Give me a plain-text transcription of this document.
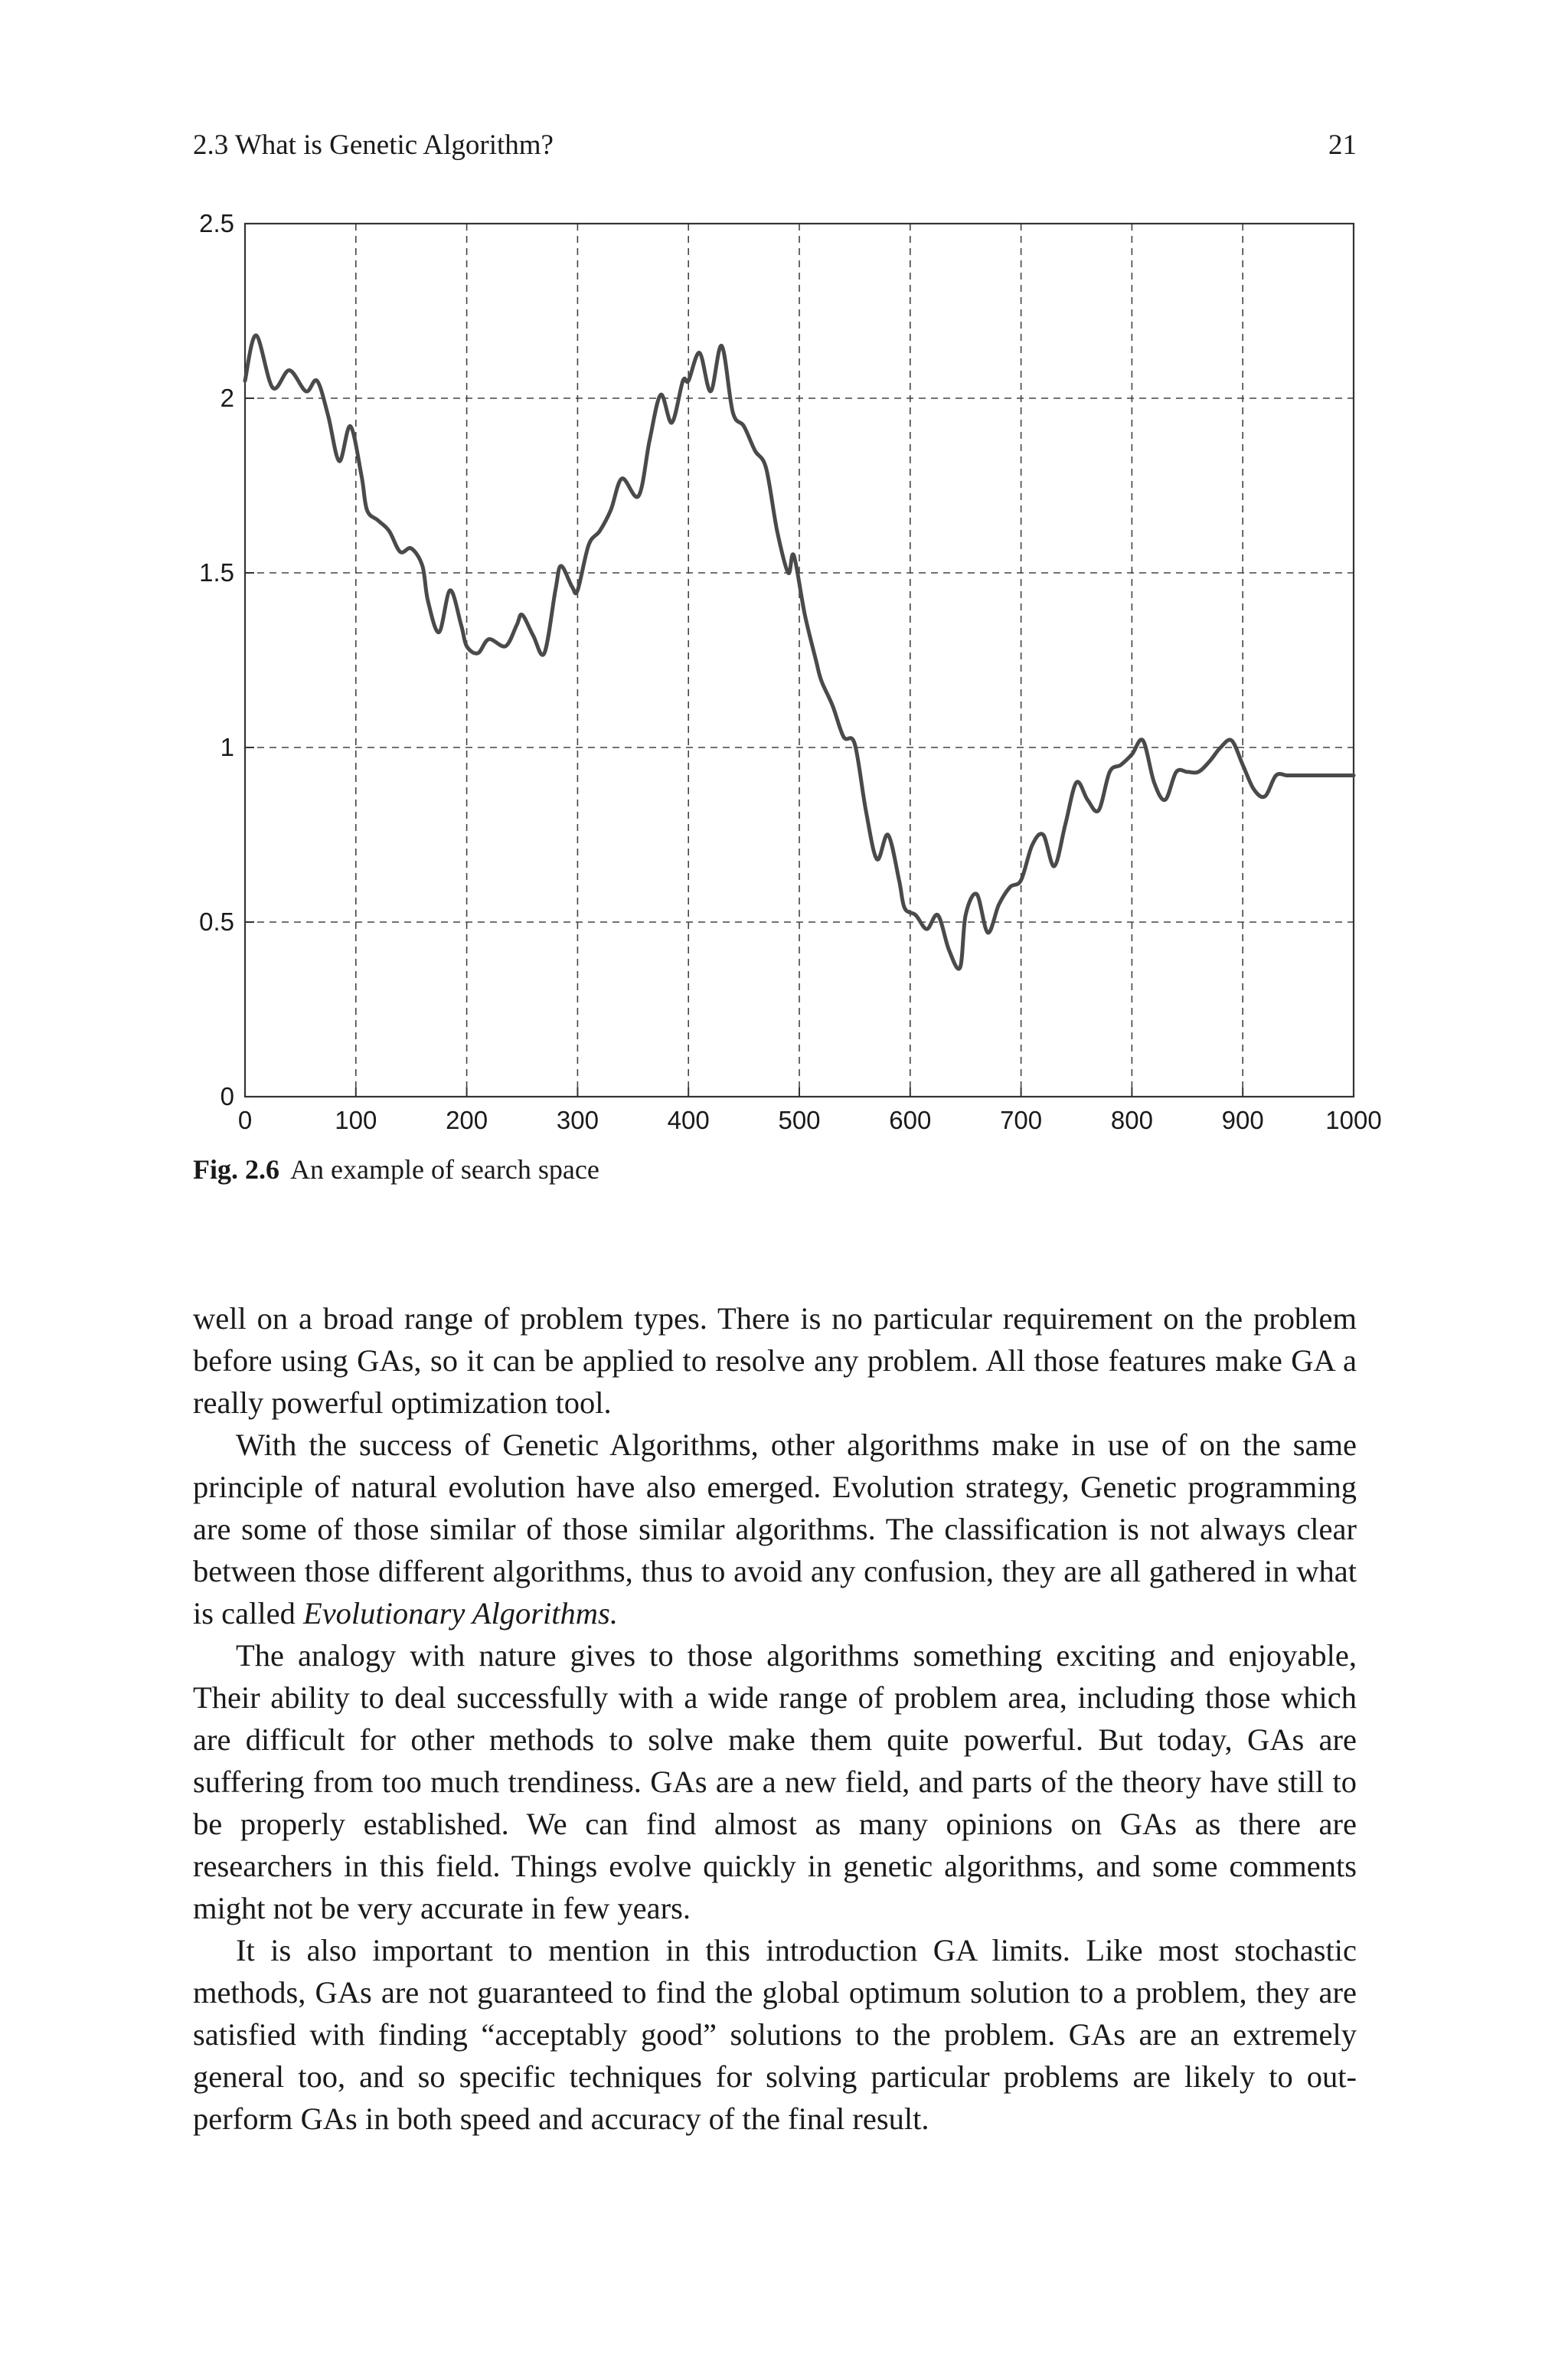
2.3 What is Genetic Algorithm?	21
0	100	200	300	400	500	600	700	800	900 1000
0
0.5
1
1.5
2
2.5
Fig. 2.6 An example of search space

well on a broad range of problem types. There is no particular requirement on the problem before using GAs, so it can be applied to resolve any problem. All those features make GA a really powerful optimization tool.

With the success of Genetic Algorithms, other algorithms make in use of on the same principle of natural evolution have also emerged. Evolution strategy, Genetic programming are some of those similar of those similar algorithms. The classification is not always clear between those different algorithms, thus to avoid any confusion, they are all gathered in what is called Evolutionary Algorithms.

The analogy with nature gives to those algorithms something exciting and enjoyable, Their ability to deal successfully with a wide range of problem area, including those which are difficult for other methods to solve make them quite powerful. But today, GAs are suffering from too much trendiness. GAs are a new field, and parts of the theory have still to be properly established. We can find almost as many opinions on GAs as there are researchers in this field. Things evolve quickly in genetic algorithms, and some comments might not be very accurate in few years.

It is also important to mention in this introduction GA limits. Like most stochastic methods, GAs are not guaranteed to find the global optimum solution to a problem, they are satisfied with finding “acceptably good” solutions to the problem. GAs are an extremely general too, and so specific techniques for solving particular problems are likely to out-perform GAs in both speed and accuracy of the final result.
